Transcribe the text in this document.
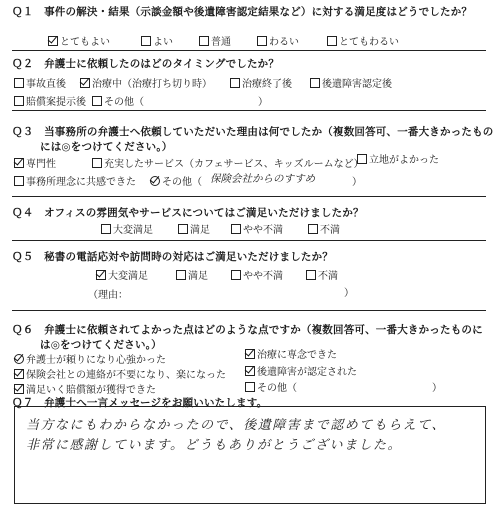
Ｑ１　事件の解決・結果（示談金額や後遺障害認定結果など）に対する満足度はどうでしたか？
とてもよい	よい	普通	わるい	とてもわるい
Ｑ２　弁護士に依頼したのはどのタイミングでしたか？
事故直後	治療中（治療打ち切り時）	治療終了後	後遺障害認定後
賠償案提示後	その他（	）
Ｑ３　当事務所の弁護士へ依頼していただいた理由は何でしたか（複数回答可、一番大きかったもの
には◎をつけてください。）
専門性	充実したサービス（カフェサービス、キッズルームなど） 立地がよかった
事務所理念に共感できた	その他（ 保険会社からのすすめ	）
Ｑ４　オフィスの雰囲気やサービスについてはご満足いただけましたか？
大変満足	満足	やや不満	不満
Ｑ５　秘書の電話応対や訪問時の対応はご満足いただけましたか？
大変満足	満足	やや不満	不満
（理由：	）
Ｑ６　弁護士に依頼されてよかった点はどのような点ですか（複数回答可、一番大きかったものに
は◎をつけてください。）
弁護士が頼りになり心強かった	治療に専念できた
保険会社との連絡が不要になり、楽になった	後遺障害が認定された
満足いく賠償額が獲得できた	その他（	）
Ｑ７　弁護士へ一言メッセージをお願いいたします。
当方なにもわからなかったので、後遺障害まで認めてもらえて、
非常に感謝しています。どうもありがとうございました。
